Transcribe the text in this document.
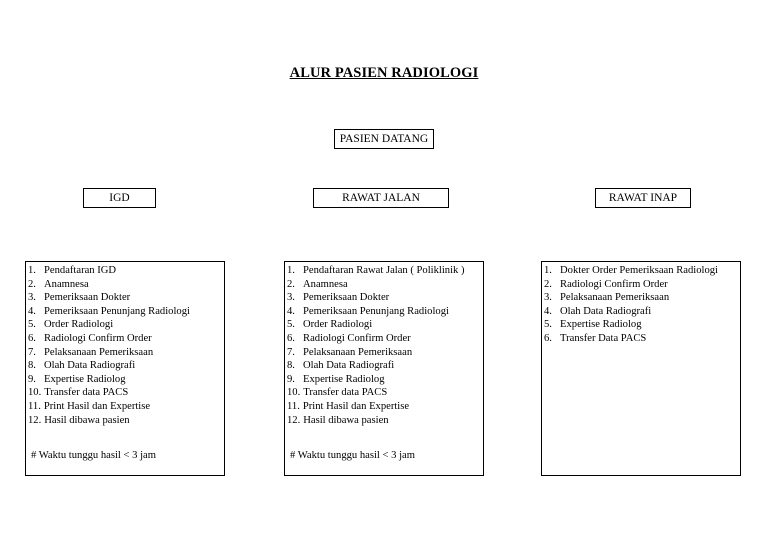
ALUR PASIEN RADIOLOGI
PASIEN DATANG
IGD	RAWAT JALAN	RAWAT INAP
1. Pendaftaran IGD
2. Anamnesa
3. Pemeriksaan Dokter
4. Pemeriksaan Penunjang Radiologi
5. Order Radiologi
6. Radiologi Confirm Order
7. Pelaksanaan Pemeriksaan
8. Olah Data Radiografi
9. Expertise Radiolog
10. Transfer data PACS
11. Print Hasil dan Expertise
12. Hasil dibawa pasien
# Waktu tunggu hasil < 3 jam
1. Pendaftaran Rawat Jalan ( Poliklinik )
2. Anamnesa
3. Pemeriksaan Dokter
4. Pemeriksaan Penunjang Radiologi
5. Order Radiologi
6. Radiologi Confirm Order
7. Pelaksanaan Pemeriksaan
8. Olah Data Radiografi
9. Expertise Radiolog
10. Transfer data PACS
11. Print Hasil dan Expertise
12. Hasil dibawa pasien
# Waktu tunggu hasil < 3 jam
1. Dokter Order Pemeriksaan Radiologi
2. Radiologi Confirm Order
3. Pelaksanaan Pemeriksaan
4. Olah Data Radiografi
5. Expertise Radiolog
6. Transfer Data PACS
